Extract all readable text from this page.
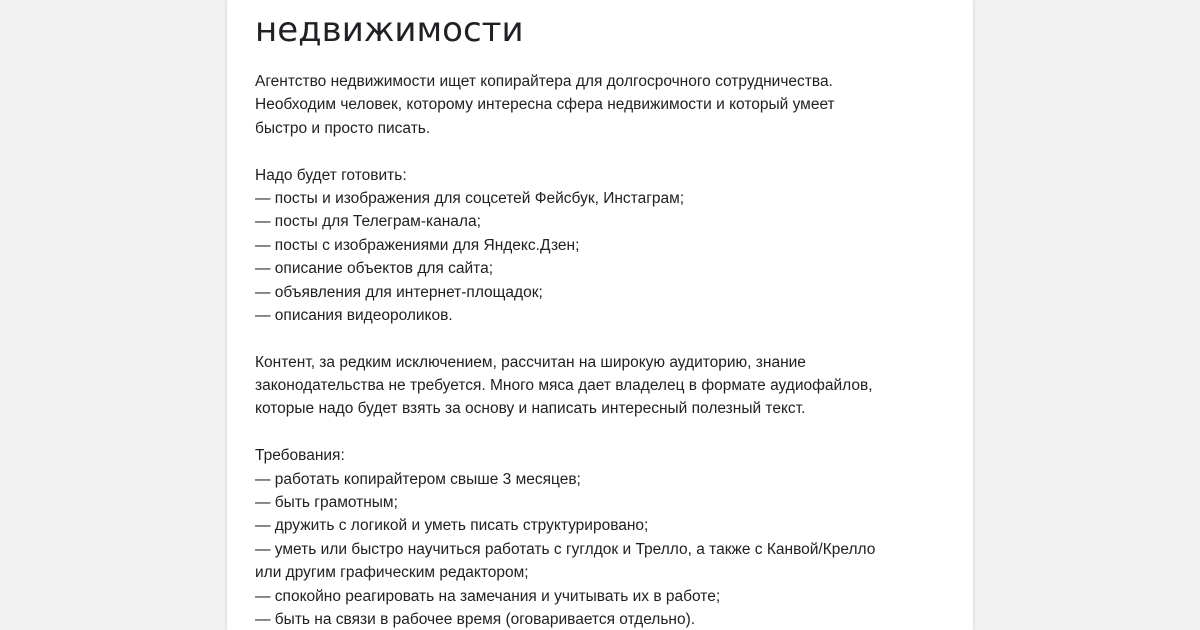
недвижимости
Агентство недвижимости ищет копирайтера для долгосрочного сотрудничества.
Необходим человек, которому интересна сфера недвижимости и который умеет
быстро и просто писать.
Надо будет готовить:
— посты и изображения для соцсетей Фейсбук, Инстаграм;
— посты для Телеграм-канала;
— посты с изображениями для Яндекс.Дзен;
— описание объектов для сайта;
— объявления для интернет-площадок;
— описания видеороликов.
Контент, за редким исключением, рассчитан на широкую аудиторию, знание
законодательства не требуется. Много мяса дает владелец в формате аудиофайлов,
которые надо будет взять за основу и написать интересный полезный текст.
Требования:
— работать копирайтером свыше 3 месяцев;
— быть грамотным;
— дружить с логикой и уметь писать структурировано;
— уметь или быстро научиться работать с гуглдок и Трелло, а также с Канвой/Крелло
или другим графическим редактором;
— спокойно реагировать на замечания и учитывать их в работе;
— быть на связи в рабочее время (оговаривается отдельно).
